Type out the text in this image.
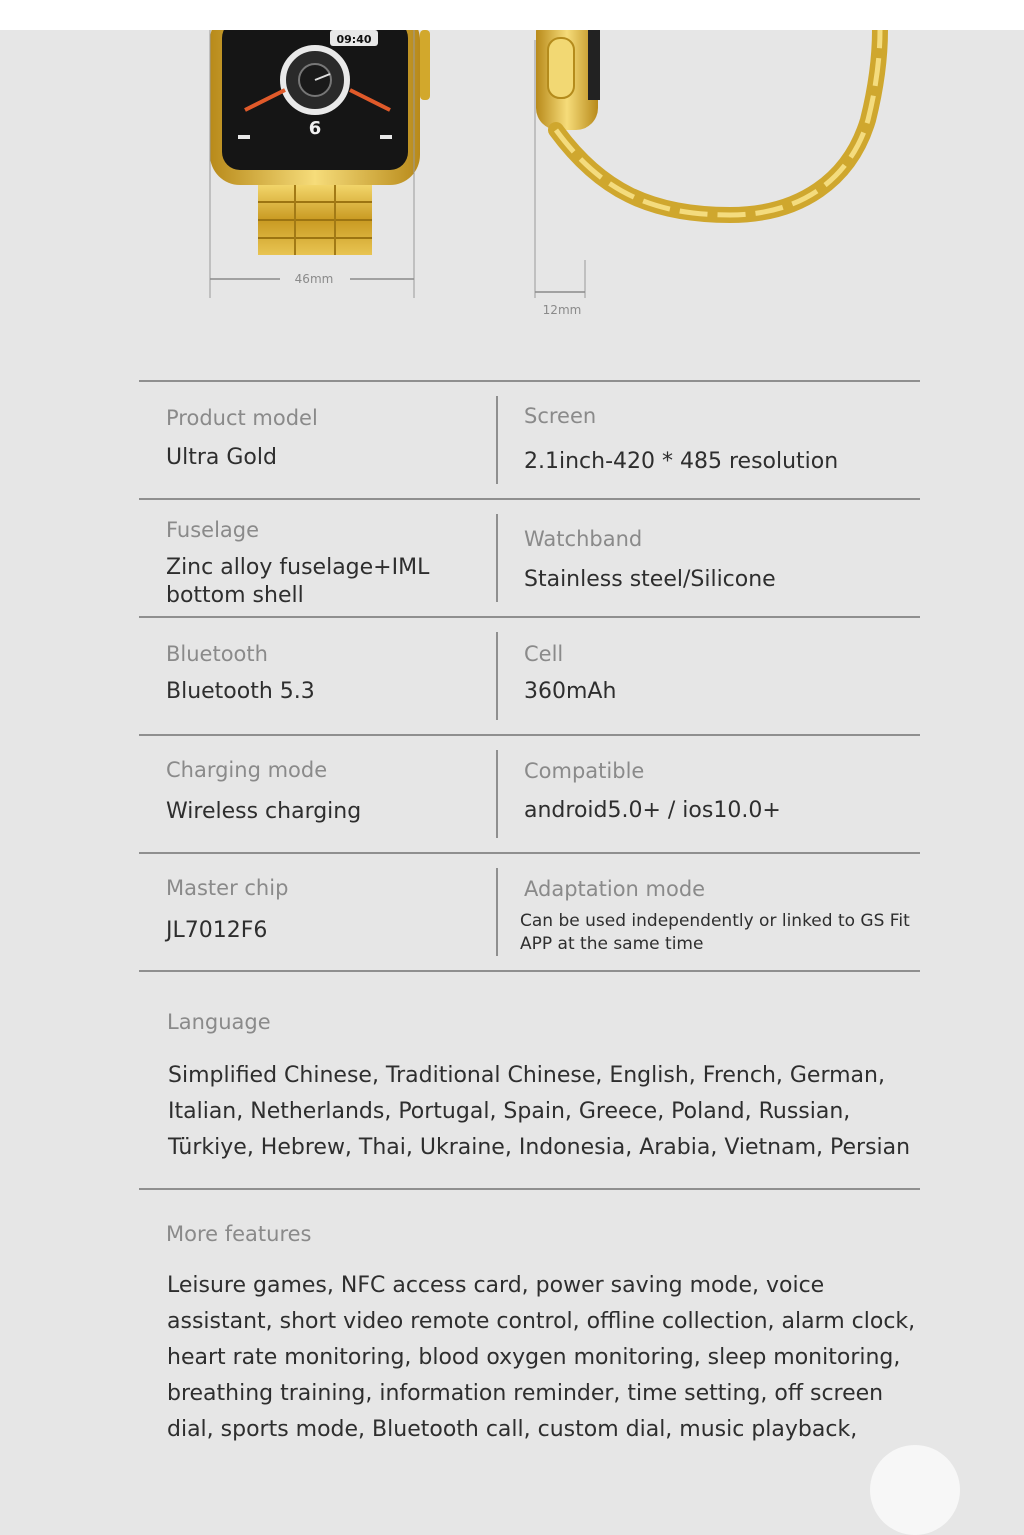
09:40
6
46mm
12mm
Product model
Ultra Gold
Screen
2.1inch-420 * 485 resolution
Fuselage
Zinc alloy fuselage+IML
bottom shell
Watchband
Stainless steel/Silicone
Bluetooth
Bluetooth 5.3
Cell
360mAh
Charging mode
Wireless charging
Compatible
android5.0+ / ios10.0+
Master chip
JL7012F6
Adaptation mode
Can be used independently or linked to GS Fit APP at the same time
Language
Simplified Chinese, Traditional Chinese, English, French, German, Italian, Netherlands, Portugal, Spain, Greece, Poland, Russian, Türkiye, Hebrew, Thai, Ukraine, Indonesia, Arabia, Vietnam, Persian
More features
Leisure games, NFC access card, power saving mode, voice assistant, short video remote control, offline collection, alarm clock, heart rate monitoring, blood oxygen monitoring, sleep monitoring, breathing training, information reminder, time setting, off screen dial, sports mode, Bluetooth call, custom dial, music playback,
